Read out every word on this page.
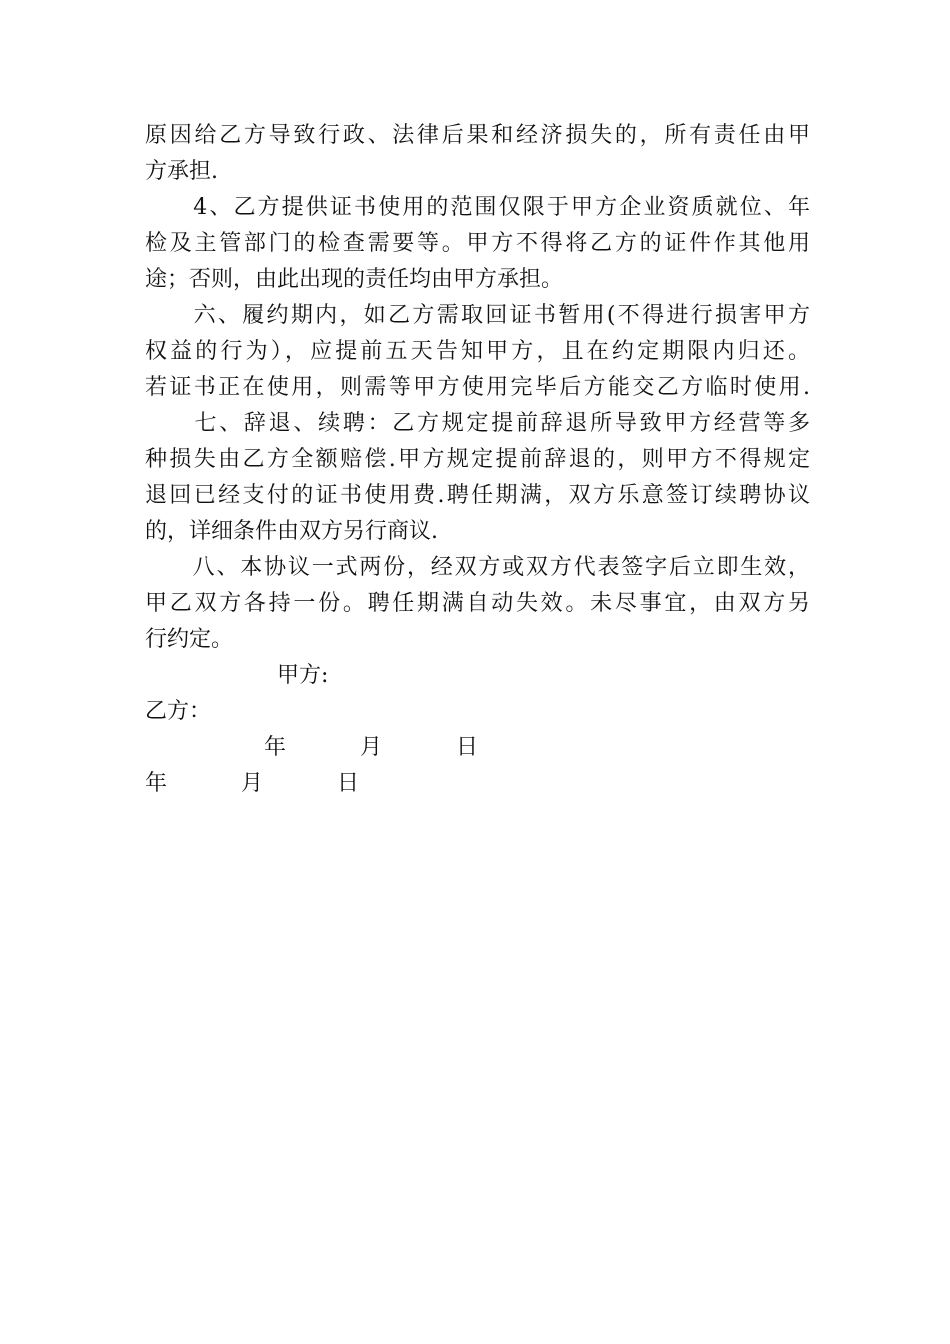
原因给乙方导致行政、法律后果和经济损失的，所有责任由甲
方承担.
　　4、乙方提供证书使用的范围仅限于甲方企业资质就位、年
检及主管部门的检查需要等。甲方不得将乙方的证件作其他用
途；否则，由此出现的责任均由甲方承担。
　　六、履约期内，如乙方需取回证书暂用(不得进行损害甲方
权益的行为），应提前五天告知甲方，且在约定期限内归还。
若证书正在使用，则需等甲方使用完毕后方能交乙方临时使用.
　　七、辞退、续聘：乙方规定提前辞退所导致甲方经营等多
种损失由乙方全额赔偿.甲方规定提前辞退的，则甲方不得规定
退回已经支付的证书使用费.聘任期满，双方乐意签订续聘协议
的，详细条件由双方另行商议.
　　八、本协议一式两份，经双方或双方代表签字后立即生效，
甲乙双方各持一份。聘任期满自动失效。未尽事宜，由双方另
行约定。
甲方:
乙方：
年	月	日
年	月	日
